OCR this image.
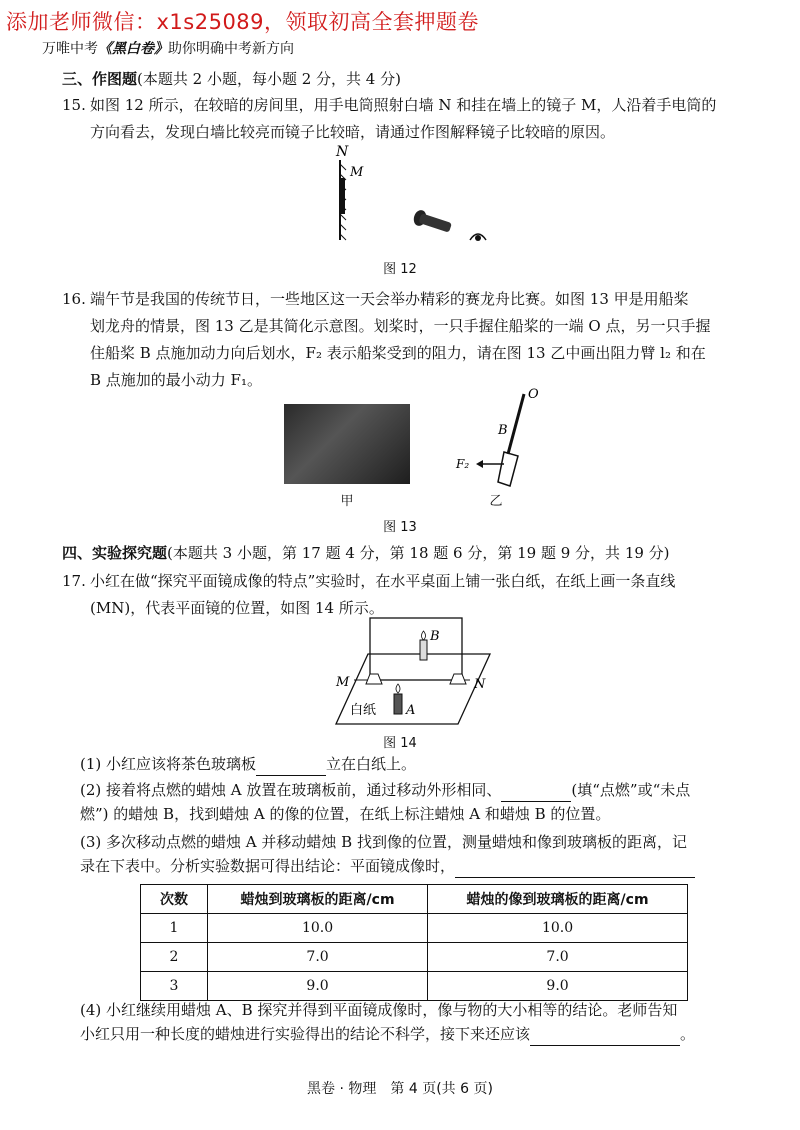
添加老师微信：x1s25089，领取初高全套押题卷
万唯中考《黑白卷》助你明确中考新方向
三、作图题(本题共 2 小题，每小题 2 分，共 4 分)
15. 如图 12 所示，在较暗的房间里，用手电筒照射白墙 N 和挂在墙上的镜子 M，人沿着手电筒的
方向看去，发现白墙比较亮而镜子比较暗，请通过作图解释镜子比较暗的原因。
N
M
图 12
16. 端午节是我国的传统节日，一些地区这一天会举办精彩的赛龙舟比赛。如图 13 甲是用船桨
划龙舟的情景，图 13 乙是其简化示意图。划桨时，一只手握住船桨的一端 O 点，另一只手握
住船桨 B 点施加动力向后划水，F₂ 表示船桨受到的阻力，请在图 13 乙中画出阻力臂 l₂ 和在
B 点施加的最小动力 F₁。
甲
O
B
F₂
乙
图 13
四、实验探究题(本题共 3 小题，第 17 题 4 分，第 18 题 6 分，第 19 题 9 分，共 19 分)
17. 小红在做“探究平面镜成像的特点”实验时，在水平桌面上铺一张白纸，在纸上画一条直线
(MN)，代表平面镜的位置，如图 14 所示。
M	N
B
A
白纸
图 14
(1) 小红应该将茶色玻璃板	立在白纸上。
(2) 接着将点燃的蜡烛 A 放置在玻璃板前，通过移动外形相同、	(填“点燃”或“未点
燃”) 的蜡烛 B，找到蜡烛 A 的像的位置，在纸上标注蜡烛 A 和蜡烛 B 的位置。
(3) 多次移动点燃的蜡烛 A 并移动蜡烛 B 找到像的位置，测量蜡烛和像到玻璃板的距离，记
录在下表中。分析实验数据可得出结论：平面镜成像时，
次数	蜡烛到玻璃板的距离/cm	蜡烛的像到玻璃板的距离/cm
1	10.0	10.0
2	7.0	7.0
3	9.0	9.0
(4) 小红继续用蜡烛 A、B 探究并得到平面镜成像时，像与物的大小相等的结论。老师告知
小红只用一种长度的蜡烛进行实验得出的结论不科学，接下来还应该	。
黑卷 · 物理　第 4 页(共 6 页)
